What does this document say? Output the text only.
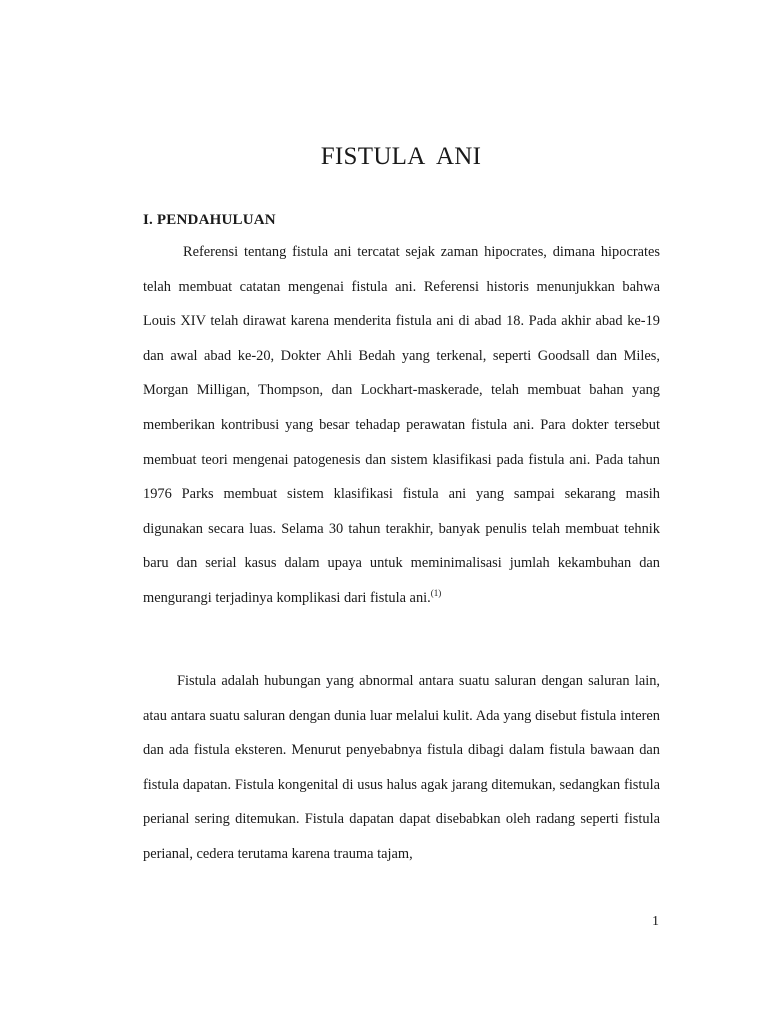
FISTULA  ANI
I. PENDAHULUAN

Referensi tentang fistula ani tercatat sejak zaman hipocrates, dimana hipocrates telah membuat catatan mengenai fistula ani. Referensi historis menunjukkan bahwa Louis XIV telah dirawat karena menderita fistula ani di abad 18. Pada akhir abad ke-19 dan awal abad ke-20, Dokter Ahli Bedah yang terkenal, seperti Goodsall dan Miles, Morgan Milligan, Thompson, dan Lockhart-maskerade, telah membuat bahan yang memberikan kontribusi yang besar tehadap perawatan fistula ani. Para dokter tersebut membuat teori mengenai patogenesis dan sistem klasifikasi pada fistula ani. Pada tahun 1976 Parks membuat sistem klasifikasi fistula ani yang sampai sekarang masih digunakan secara luas. Selama 30 tahun terakhir, banyak penulis telah membuat tehnik baru dan serial kasus dalam upaya untuk meminimalisasi jumlah kekambuhan dan mengurangi terjadinya komplikasi dari fistula ani.$^{(1)}$

Fistula adalah hubungan yang abnormal antara suatu saluran dengan saluran lain, atau antara suatu saluran dengan dunia luar melalui kulit. Ada yang disebut fistula interen dan ada fistula eksteren. Menurut penyebabnya fistula dibagi dalam fistula bawaan dan fistula dapatan. Fistula kongenital di usus halus agak jarang ditemukan, sedangkan fistula perianal sering ditemukan. Fistula dapatan dapat disebabkan oleh radang seperti fistula perianal, cedera terutama karena trauma tajam,

1
